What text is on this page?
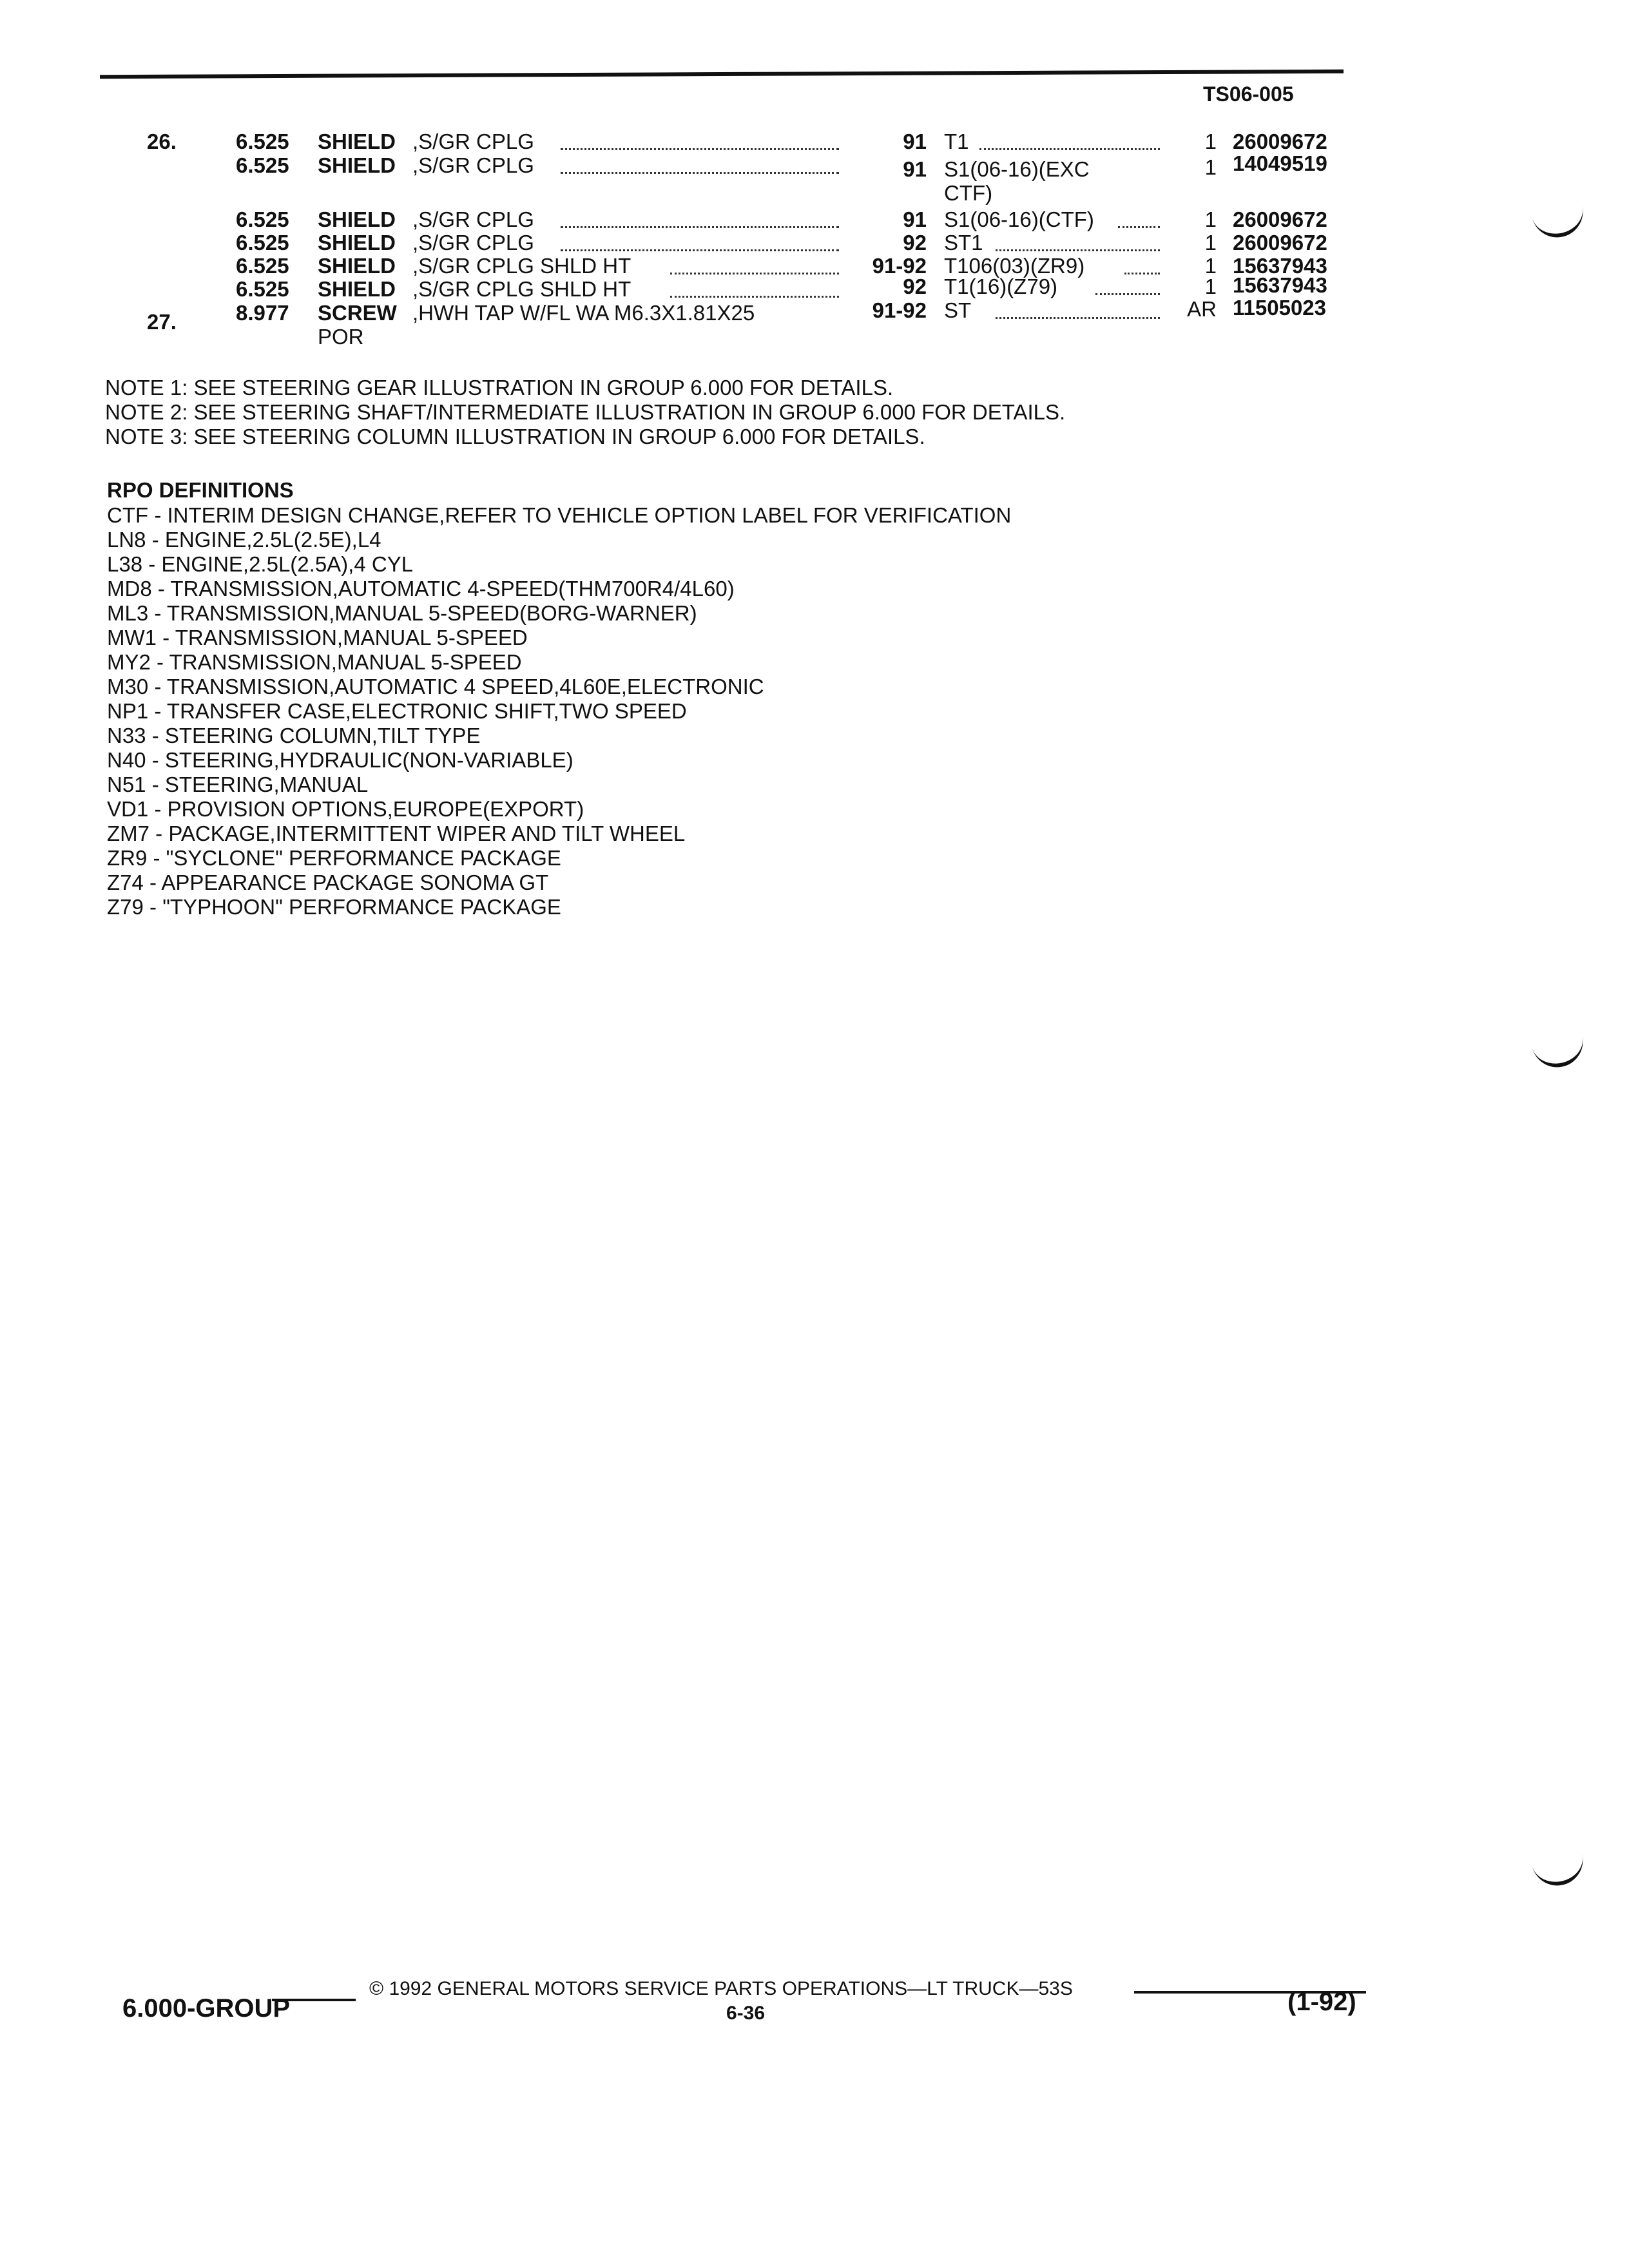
TS06-005
26.	6.525 SHIELD ,S/GR CPLG	91 T1	1 26009672
6.525 SHIELD ,S/GR CPLG	91 S1(06-16)(EXC	1 14049519
CTF)
6.525 SHIELD ,S/GR CPLG	91 S1(06-16)(CTF)	1 26009672
6.525 SHIELD ,S/GR CPLG	92 ST1	1 26009672
6.525 SHIELD ,S/GR CPLG SHLD HT	91-92 T106(03)(ZR9)	1 15637943
6.525 SHIELD ,S/GR CPLG SHLD HT	92 T1(16)(Z79)	1 15637943
27.	8.977 SCREW ,HWH TAP W/FL WA M6.3X1.81X25	91-92 ST	AR 11505023
POR
NOTE 1: SEE STEERING GEAR ILLUSTRATION IN GROUP 6.000 FOR DETAILS.
NOTE 2: SEE STEERING SHAFT/INTERMEDIATE ILLUSTRATION IN GROUP 6.000 FOR DETAILS.
NOTE 3: SEE STEERING COLUMN ILLUSTRATION IN GROUP 6.000 FOR DETAILS.
RPO DEFINITIONS
CTF - INTERIM DESIGN CHANGE,REFER TO VEHICLE OPTION LABEL FOR VERIFICATION
LN8 - ENGINE,2.5L(2.5E),L4
L38 - ENGINE,2.5L(2.5A),4 CYL
MD8 - TRANSMISSION,AUTOMATIC 4-SPEED(THM700R4/4L60)
ML3 - TRANSMISSION,MANUAL 5-SPEED(BORG-WARNER)
MW1 - TRANSMISSION,MANUAL 5-SPEED
MY2 - TRANSMISSION,MANUAL 5-SPEED
M30 - TRANSMISSION,AUTOMATIC 4 SPEED,4L60E,ELECTRONIC
NP1 - TRANSFER CASE,ELECTRONIC SHIFT,TWO SPEED
N33 - STEERING COLUMN,TILT TYPE
N40 - STEERING,HYDRAULIC(NON-VARIABLE)
N51 - STEERING,MANUAL
VD1 - PROVISION OPTIONS,EUROPE(EXPORT)
ZM7 - PACKAGE,INTERMITTENT WIPER AND TILT WHEEL
ZR9 - "SYCLONE" PERFORMANCE PACKAGE
Z74 - APPEARANCE PACKAGE SONOMA GT
Z79 - "TYPHOON" PERFORMANCE PACKAGE
© 1992 GENERAL MOTORS SERVICE PARTS OPERATIONS—LT TRUCK—53S
6.000-GROUP	6-36	(1-92)
